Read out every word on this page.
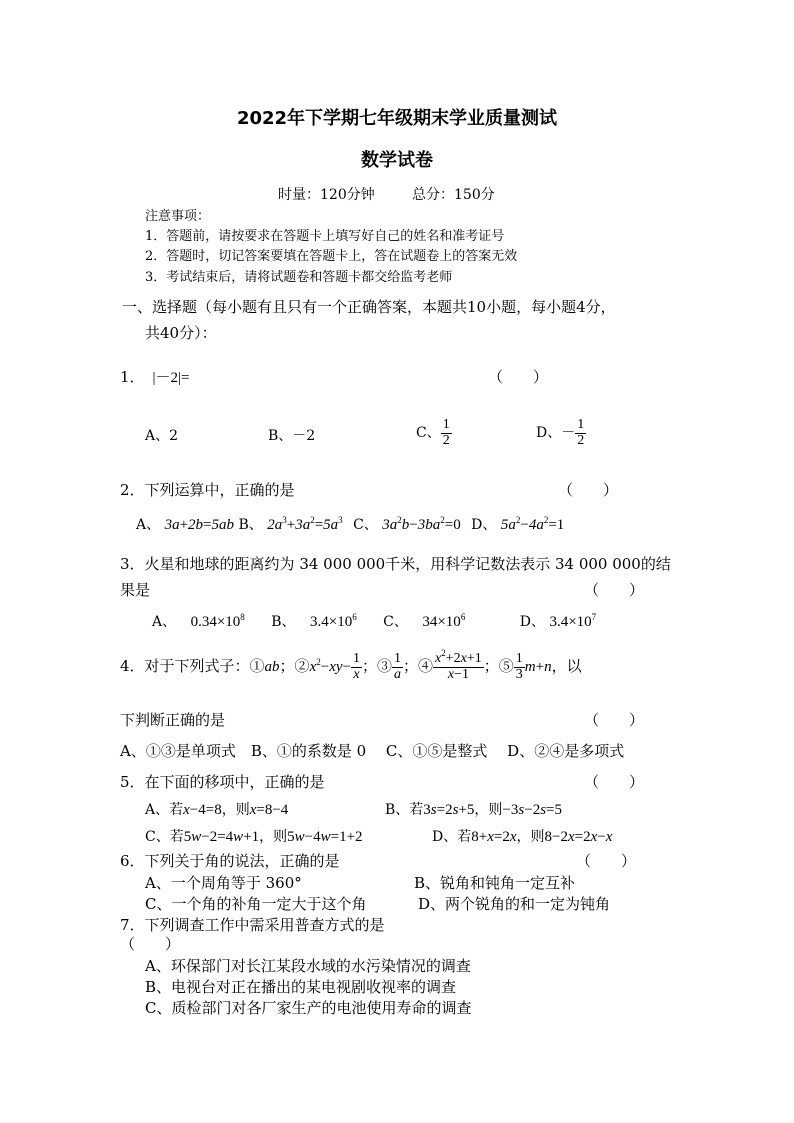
2022年下学期七年级期末学业质量测试
数学试卷
时量：120分钟	总分：150分
注意事项：
1．答题前，请按要求在答题卡上填写好自己的姓名和准考证号
2．答题时，切记答案要填在答题卡上，答在试题卷上的答案无效
3．考试结束后，请将试题卷和答题卡都交给监考老师
一、选择题（每小题有且只有一个正确答案，本题共10小题，每小题4分，
共40分）：
1． |－2|=	（　　）
A、2	B、－2	C、 $\frac{1}{2}$	D、－ $\frac{1}{2}$
2．下列运算中，正确的是	（　　）
A、 3a+2b=5ab B、 $2a^3+3a^2=5a^3$ C、 $3a^2b-3ba^2=0$ D、 $5a^2-4a^2=1$
3．火星和地球的距离约为 34 000 000千米，用科学记数法表示 34 000 000的结
果是	（　　）
A、 $0.34\times 10^8$ B、 $3.4\times 10^6$ C、 $34\times 10^6$	D、 $3.4\times 10^7$
4．对于下列式子：①ab；$②x^2-xy- \frac{1}{x}$ ；③ $\frac{1}{a}$ ；④ $\frac{x^2+2x+1}{x-1}$ ；⑤ $\frac{1}{3} m+n$，以
下判断正确的是	（　　）
A、①③是单项式　B、①的系数是 0　 C、①⑤是整式　 D、②④是多项式
5．在下面的移项中，正确的是	（　　）
A、若x−4=8，则x=8−4	B、若3s=2s+5，则−3s−2s=5
C、若5w−2=4w+1，则5w−4w=1+2	D、若8+x=2x，则8−2x=2x−x
6．下列关于角的说法，正确的是	（　　）
A、一个周角等于 360°	B、锐角和钝角一定互补
C、一个角的补角一定大于这个角	D、两个锐角的和一定为钝角
7．下列调查工作中需采用普查方式的是
（　　）
A、环保部门对长江某段水域的水污染情况的调查
B、电视台对正在播出的某电视剧收视率的调查
C、质检部门对各厂家生产的电池使用寿命的调查
